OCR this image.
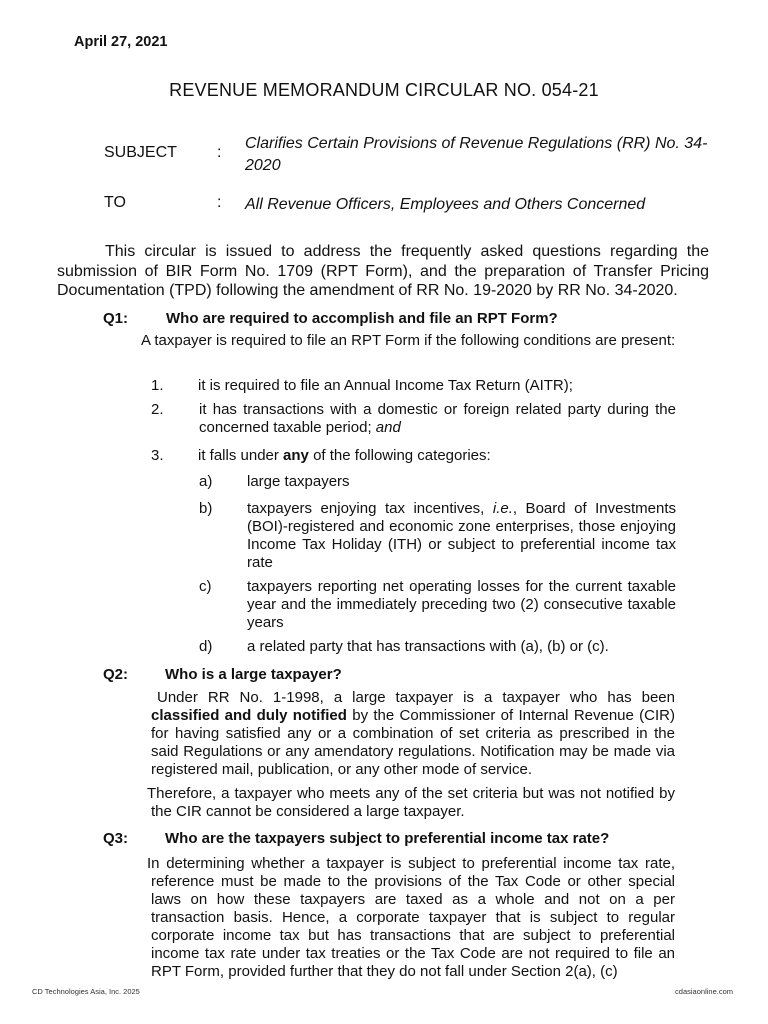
April 27, 2021
REVENUE MEMORANDUM CIRCULAR NO. 054-21
SUBJECT	:
Clarifies Certain Provisions of Revenue Regulations (RR) No. 34-2020
TO	: All Revenue Officers, Employees and Others Concerned
This circular is issued to address the frequently asked questions regarding the submission of BIR Form No. 1709 (RPT Form), and the preparation of Transfer Pricing Documentation (TPD) following the amendment of RR No. 19-2020 by RR No. 34-2020.
Q1:	Who are required to accomplish and file an RPT Form?
A taxpayer is required to file an RPT Form if the following conditions are present:
1. it is required to file an Annual Income Tax Return (AITR);
2. it has transactions with a domestic or foreign related party during the concerned taxable period; and
3. it falls under any of the following categories:
a) large taxpayers
b) taxpayers enjoying tax incentives, i.e., Board of Investments (BOI)-registered and economic zone enterprises, those enjoying Income Tax Holiday (ITH) or subject to preferential income tax rate
c) taxpayers reporting net operating losses for the current taxable year and the immediately preceding two (2) consecutive taxable years
d) a related party that has transactions with (a), (b) or (c).
Q2: Who is a large taxpayer?
Under RR No. 1-1998, a large taxpayer is a taxpayer who has been classified and duly notified by the Commissioner of Internal Revenue (CIR) for having satisfied any or a combination of set criteria as prescribed in the said Regulations or any amendatory regulations. Notification may be made via registered mail, publication, or any other mode of service.
Therefore, a taxpayer who meets any of the set criteria but was not notified by the CIR cannot be considered a large taxpayer.
Q3: Who are the taxpayers subject to preferential income tax rate?
In determining whether a taxpayer is subject to preferential income tax rate, reference must be made to the provisions of the Tax Code or other special laws on how these taxpayers are taxed as a whole and not on a per transaction basis. Hence, a corporate taxpayer that is subject to regular corporate income tax but has transactions that are subject to preferential income tax rate under tax treaties or the Tax Code are not required to file an RPT Form, provided further that they do not fall under Section 2(a), (c)
CD Technologies Asia, Inc. 2025	cdasiaonline.com
